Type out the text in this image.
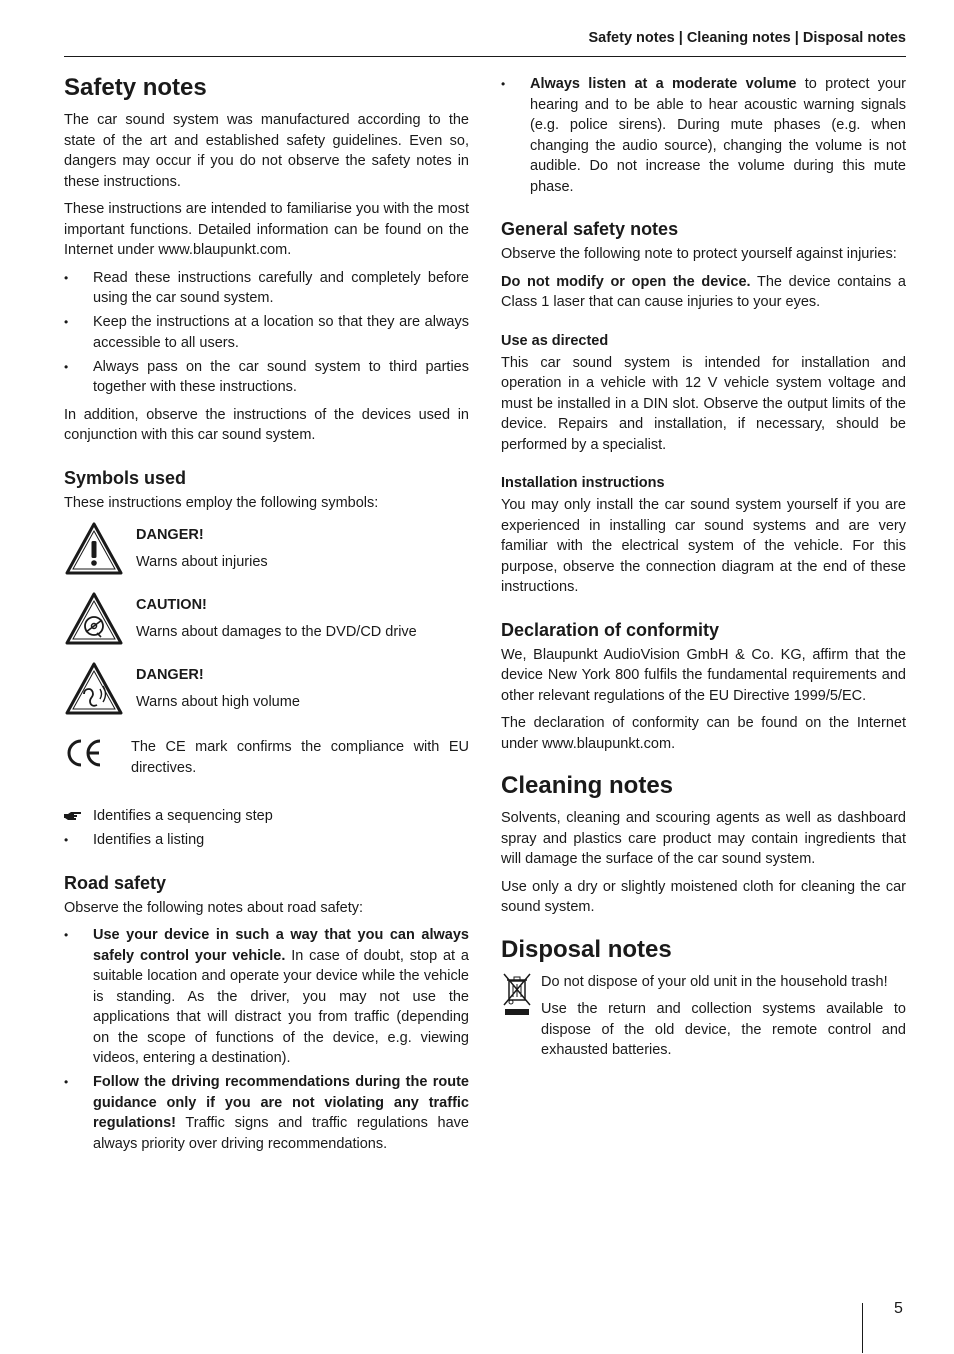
Safety notes | Cleaning notes | Disposal notes
Safety notes

The car sound system was manufactured according to the state of the art and established safety guidelines. Even so, dangers may occur if you do not observe the safety notes in these instructions.

These instructions are intended to familiarise you with the most important functions. Detailed information can be found on the Internet under www.blaupunkt.com.

• Read these instructions carefully and completely before using the car sound system.
• Keep the instructions at a location so that they are always accessible to all users.
• Always pass on the car sound system to third parties together with these instructions.

In addition, observe the instructions of the devices used in conjunction with this car sound system.

Symbols used

These instructions employ the following symbols:

DANGER!
Warns about injuries
CAUTION!
Warns about damages to the DVD/CD drive
DANGER!
Warns about high volume

The CE mark confirms the compliance with EU directives.

Identifies a sequencing step
• Identifies a listing
Road safety

Observe the following notes about road safety:

• Use your device in such a way that you can always safely control your vehicle. In case of doubt, stop at a suitable location and operate your device while the vehicle is standing. As the driver, you may not use the applications that will distract you from traffic (depending on the scope of functions of the device, e.g. viewing videos, entering a destination).
• Follow the driving recommendations during the route guidance only if you are not violating any traffic regulations! Traffic signs and traffic regulations have always priority over driving recommendations.
• Always listen at a moderate volume to protect your hearing and to be able to hear acoustic warning signals (e.g. police sirens). During mute phases (e.g. when changing the audio source), changing the volume is not audible. Do not increase the volume during this mute phase.
General safety notes

Observe the following note to protect yourself against injuries:

Do not modify or open the device. The device contains a Class 1 laser that can cause injuries to your eyes.

Use as directed

This car sound system is intended for installation and operation in a vehicle with 12 V vehicle system voltage and must be installed in a DIN slot. Observe the output limits of the device. Repairs and installation, if necessary, should be performed by a specialist.

Installation instructions

You may only install the car sound system yourself if you are experienced in installing car sound systems and are very familiar with the electrical system of the vehicle. For this purpose, observe the connection diagram at the end of these instructions.

Declaration of conformity

We, Blaupunkt AudioVision GmbH & Co. KG, affirm that the device New York 800 fulfils the fundamental requirements and other relevant regulations of the EU Directive 1999/5/EC.

The declaration of conformity can be found on the Internet under www.blaupunkt.com.

Cleaning notes

Solvents, cleaning and scouring agents as well as dashboard spray and plastics care product may contain ingredients that will damage the surface of the car sound system.

Use only a dry or slightly moistened cloth for cleaning the car sound system.

Disposal notes

Do not dispose of your old unit in the household trash!

Use the return and collection systems available to dispose of the old device, the remote control and exhausted batteries.

5
